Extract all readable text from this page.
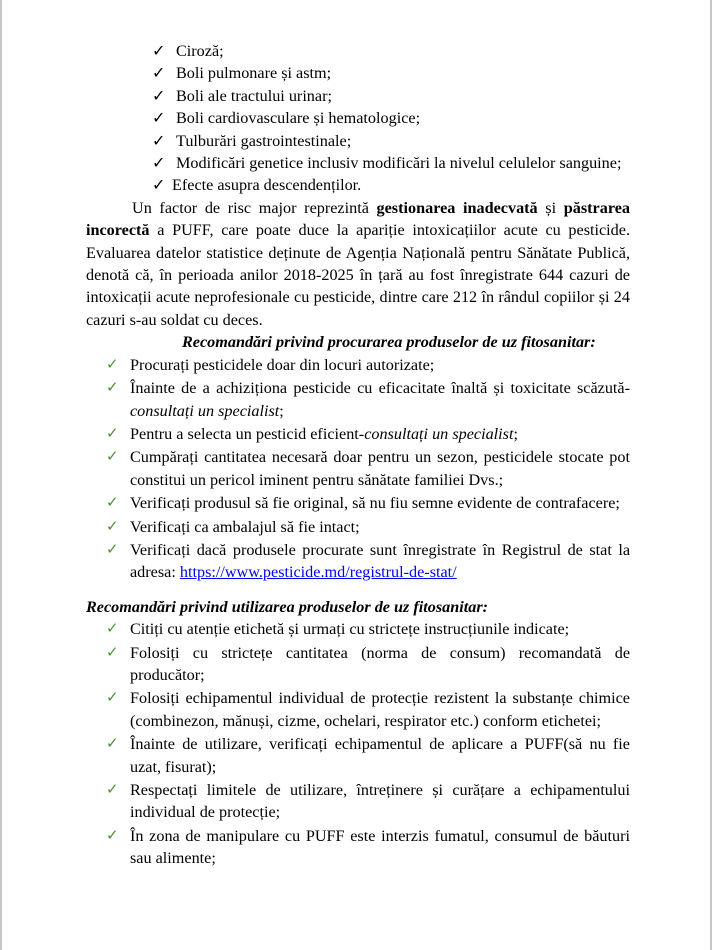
✓ Ciroză;
✓ Boli pulmonare și astm;
✓ Boli ale tractului urinar;
✓ Boli cardiovasculare și hematologice;
✓ Tulburări gastrointestinale;
✓ Modificări genetice inclusiv modificări la nivelul celulelor sanguine;
✓ Efecte asupra descendenților.

Un factor de risc major reprezintă gestionarea inadecvată și păstrarea incorectă a PUFF, care poate duce la apariție intoxicațiilor acute cu pesticide. Evaluarea datelor statistice deținute de Agenția Națională pentru Sănătate Publică, denotă că, în perioada anilor 2018-2025 în țară au fost înregistrate 644 cazuri de intoxicații acute neprofesionale cu pesticide, dintre care 212 în rândul copiilor și 24 cazuri s-au soldat cu deces.

Recomandări privind procurarea produselor de uz fitosanitar:

✓ Procurați pesticidele doar din locuri autorizate;
✓ Înainte de a achiziționa pesticide cu eficacitate înaltă și toxicitate scăzută-consultați un specialist;
✓ Pentru a selecta un pesticid eficient-consultați un specialist;
✓ Cumpărați cantitatea necesară doar pentru un sezon, pesticidele stocate pot constitui un pericol iminent pentru sănătate familiei Dvs.;
✓ Verificați produsul să fie original, să nu fiu semne evidente de contrafacere;
✓ Verificați ca ambalajul să fie intact;
✓ Verificați dacă produsele procurate sunt înregistrate în Registrul de stat la adresa: https://www.pesticide.md/registrul-de-stat/

Recomandări privind utilizarea produselor de uz fitosanitar:

✓ Citiți cu atenție etichetă și urmați cu strictețe instrucțiunile indicate;
✓ Folosiți cu strictețe cantitatea (norma de consum) recomandată de producător;
✓ Folosiți echipamentul individual de protecție rezistent la substanțe chimice (combinezon, mănuși, cizme, ochelari, respirator etc.) conform etichetei;
✓ Înainte de utilizare, verificați echipamentul de aplicare a PUFF(să nu fie uzat, fisurat);
✓ Respectați limitele de utilizare, întreținere și curățare a echipamentului individual de protecție;
✓ În zona de manipulare cu PUFF este interzis fumatul, consumul de băuturi sau alimente;
